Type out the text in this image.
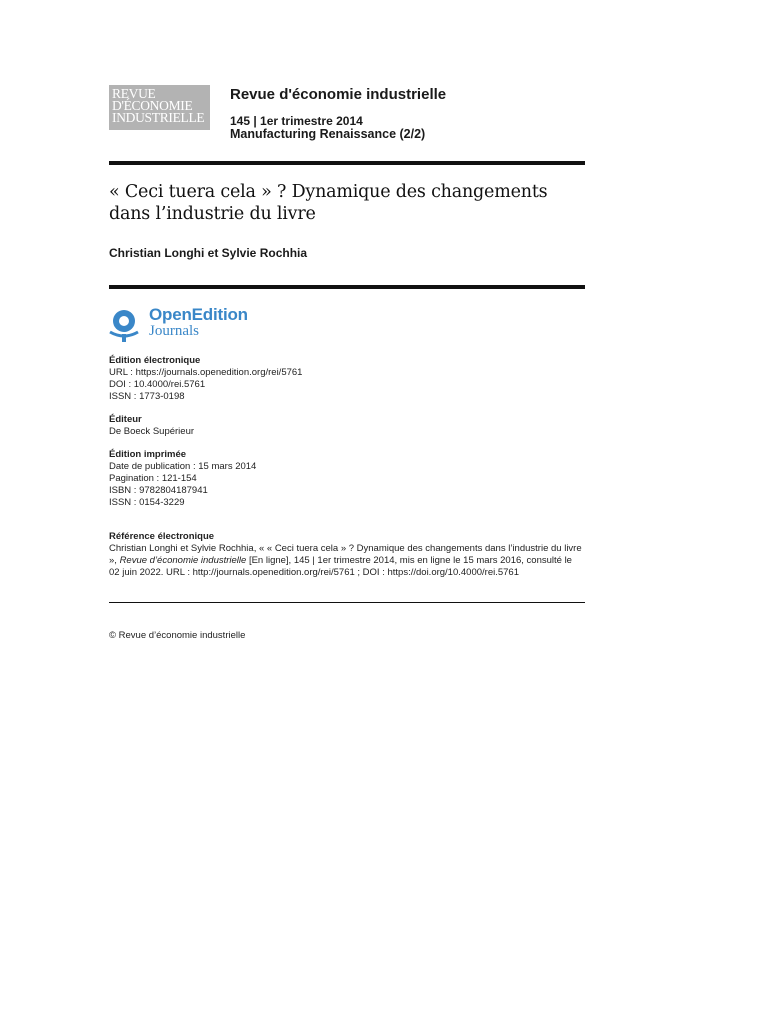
REVUE
D'ÉCONOMIE
INDUSTRIELLE
Revue d'économie industrielle
145 | 1er trimestre 2014
Manufacturing Renaissance (2/2)
« Ceci tuera cela » ? Dynamique des changements dans l’industrie du livre
Christian Longhi et Sylvie Rochhia
OpenEdition
Journals
Édition électronique
URL : https://journals.openedition.org/rei/5761
DOI : 10.4000/rei.5761
ISSN : 1773-0198
Éditeur
De Boeck Supérieur
Édition imprimée
Date de publication : 15 mars 2014
Pagination : 121-154
ISBN : 9782804187941
ISSN : 0154-3229
Référence électronique
Christian Longhi et Sylvie Rochhia, « « Ceci tuera cela » ? Dynamique des changements dans l’industrie du livre », Revue d’économie industrielle [En ligne], 145 | 1er trimestre 2014, mis en ligne le 15 mars 2016, consulté le 02 juin 2022. URL : http://journals.openedition.org/rei/5761 ; DOI : https://doi.org/10.4000/rei.5761
© Revue d’économie industrielle
